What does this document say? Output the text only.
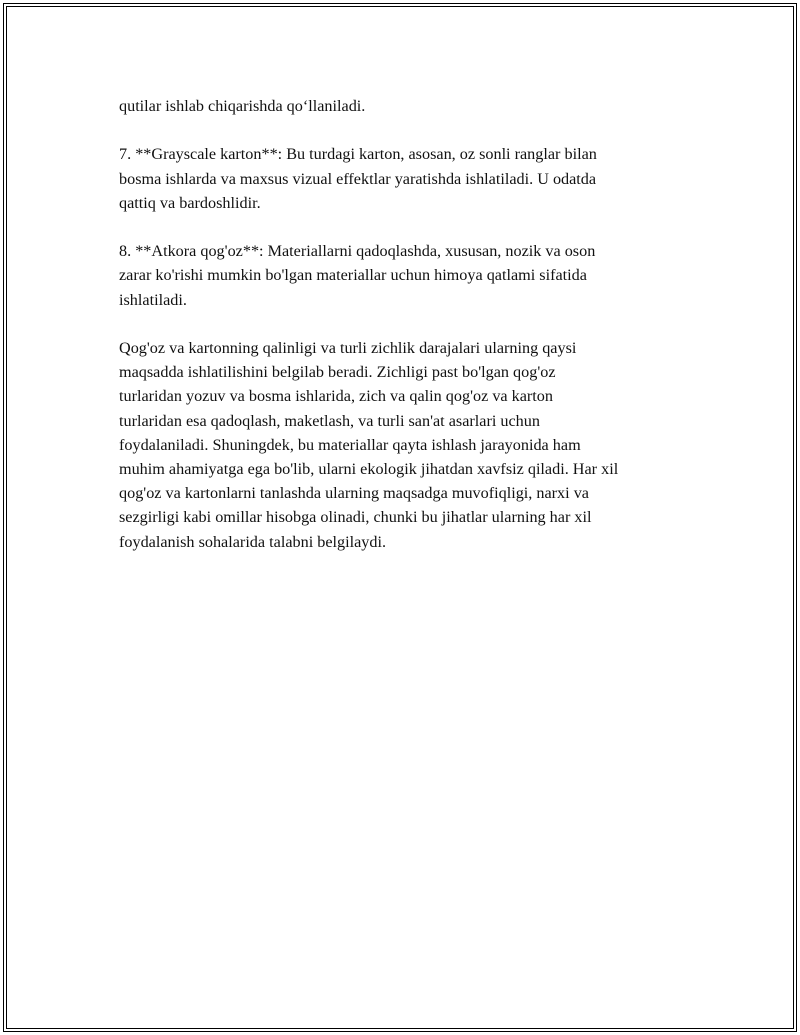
qutilar ishlab chiqarishda qo‘llaniladi.

7. **Grayscale karton**: Bu turdagi karton, asosan, oz sonli ranglar bilan
bosma ishlarda va maxsus vizual effektlar yaratishda ishlatiladi. U odatda
qattiq va bardoshlidir.

8. **Atkora qog'oz**: Materiallarni qadoqlashda, xususan, nozik va oson
zarar ko'rishi mumkin bo'lgan materiallar uchun himoya qatlami sifatida
ishlatiladi.

Qog'oz va kartonning qalinligi va turli zichlik darajalari ularning qaysi
maqsadda ishlatilishini belgilab beradi. Zichligi past bo'lgan qog'oz
turlaridan yozuv va bosma ishlarida, zich va qalin qog'oz va karton
turlaridan esa qadoqlash, maketlash, va turli san'at asarlari uchun
foydalaniladi. Shuningdek, bu materiallar qayta ishlash jarayonida ham
muhim ahamiyatga ega bo'lib, ularni ekologik jihatdan xavfsiz qiladi. Har xil
qog'oz va kartonlarni tanlashda ularning maqsadga muvofiqligi, narxi va
sezgirligi kabi omillar hisobga olinadi, chunki bu jihatlar ularning har xil
foydalanish sohalarida talabni belgilaydi.
